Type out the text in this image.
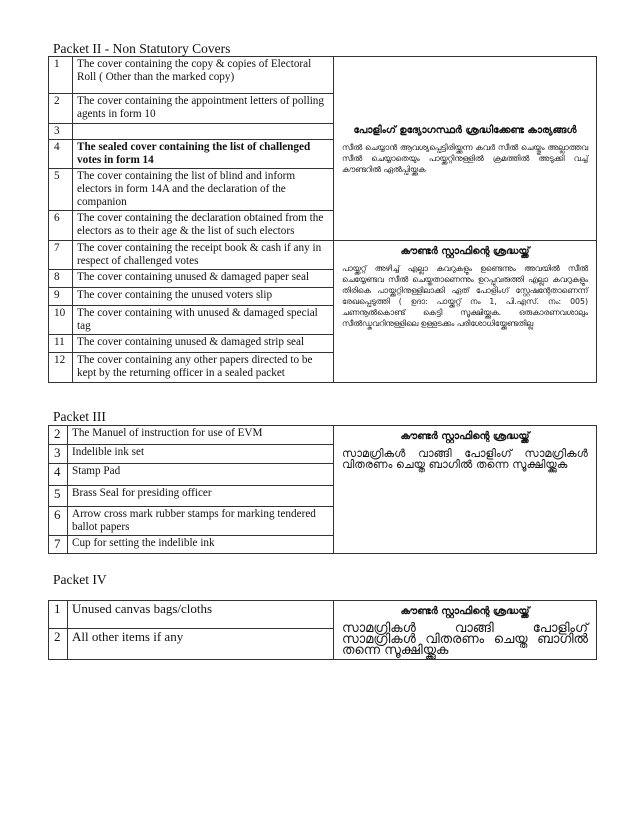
Packet II - Non Statutory Covers
1	The cover containing the copy & copies of Electoral Roll ( Other than the marked copy)	പോളിംഗ് ഉദ്യോഗസ്ഥർ ശ്രദ്ധിക്കേണ്ട കാര്യങ്ങൾ
സീൽ ചെയ്യാൻ ആവശ്യപ്പെട്ടിരിയ്ക്കുന്ന കവർ സീൽ ചെയ്തും അല്ലാത്തവ സീൽ ചെയ്യാതെയും പായ്ക്കറ്റിനുള്ളിൽ ക്രമത്തിൽ അടുക്കി വച്ച് കൗണ്ടറിൽ ഏൽപ്പിയ്ക്കുക
2	The cover containing the appointment letters of polling agents in form 10	
3		
4	The sealed cover containing the list of challenged votes in form 14	
5	The cover containing the list of blind and inform electors in form 14A and the declaration of the companion	
6	The cover containing the declaration obtained from the electors as to their age & the list of such electors	
7	The cover containing the receipt book & cash if any in respect of challenged votes	കൗണ്ടർ സ്റ്റാഫിന്റെ ശ്രദ്ധയ്ക്ക്
പായ്ക്കറ്റ് അഴിച്ച് എല്ലാ കവറുകളും ഉണ്ടെന്നും അവയിൽ സീൽ ചെയ്യേണ്ടവ സീൽ ചെയ്തതാണെന്നും ഉറപ്പുവരുത്തി എല്ലാ കവറുകളും തിരികെ പായ്ക്കറ്റിനുള്ളിലാക്കി ഏത് പോളിംഗ് സ്റ്റേഷന്റേതാണെന്ന് രേഖപ്പെടുത്തി ( ഉദാ: പായ്ക്കറ്റ് നം 1, പി.എസ്. നം: 005) ചണനൂൽകൊണ്ട് കെട്ടി സൂക്ഷിയ്ക്കുക. ഒരുകാരണവശാലും സീൽഡ്കവറിനുള്ളിലെ ഉള്ളടക്കം പരിശോധിയ്ക്കേണ്ടതില്ല
8	The cover containing unused & damaged paper seal	
9	The cover containing the unused voters slip	
10	The cover containing with unused & damaged special tag	
11	The cover containing unused & damaged strip seal	
12	The cover containing any other papers directed to be kept by the returning officer in a sealed packet	
Packet III
2	The Manuel of instruction for use of EVM	കൗണ്ടർ സ്റ്റാഫിന്റെ ശ്രദ്ധയ്ക്ക്
സാമഗ്രികൾ വാങ്ങി പോളിംഗ് സാമഗ്രികൾ വിതരണം ചെയ്ത ബാഗിൽ തന്നെ സൂക്ഷിയ്ക്കുക
3	Indelible ink set	
4	Stamp Pad	
5	Brass Seal for presiding officer	
6	Arrow cross mark rubber stamps for marking tendered ballot papers	
7	Cup for setting the indelible ink	
Packet IV
1	Unused canvas bags/cloths	കൗണ്ടർ സ്റ്റാഫിന്റെ ശ്രദ്ധയ്ക്ക്
സാമഗ്രികൾ വാങ്ങി പോളിംഗ് സാമഗ്രികൾ വിതരണം ചെയ്ത ബാഗിൽ തന്നെ സൂക്ഷിയ്ക്കുക
2	All other items if any	
